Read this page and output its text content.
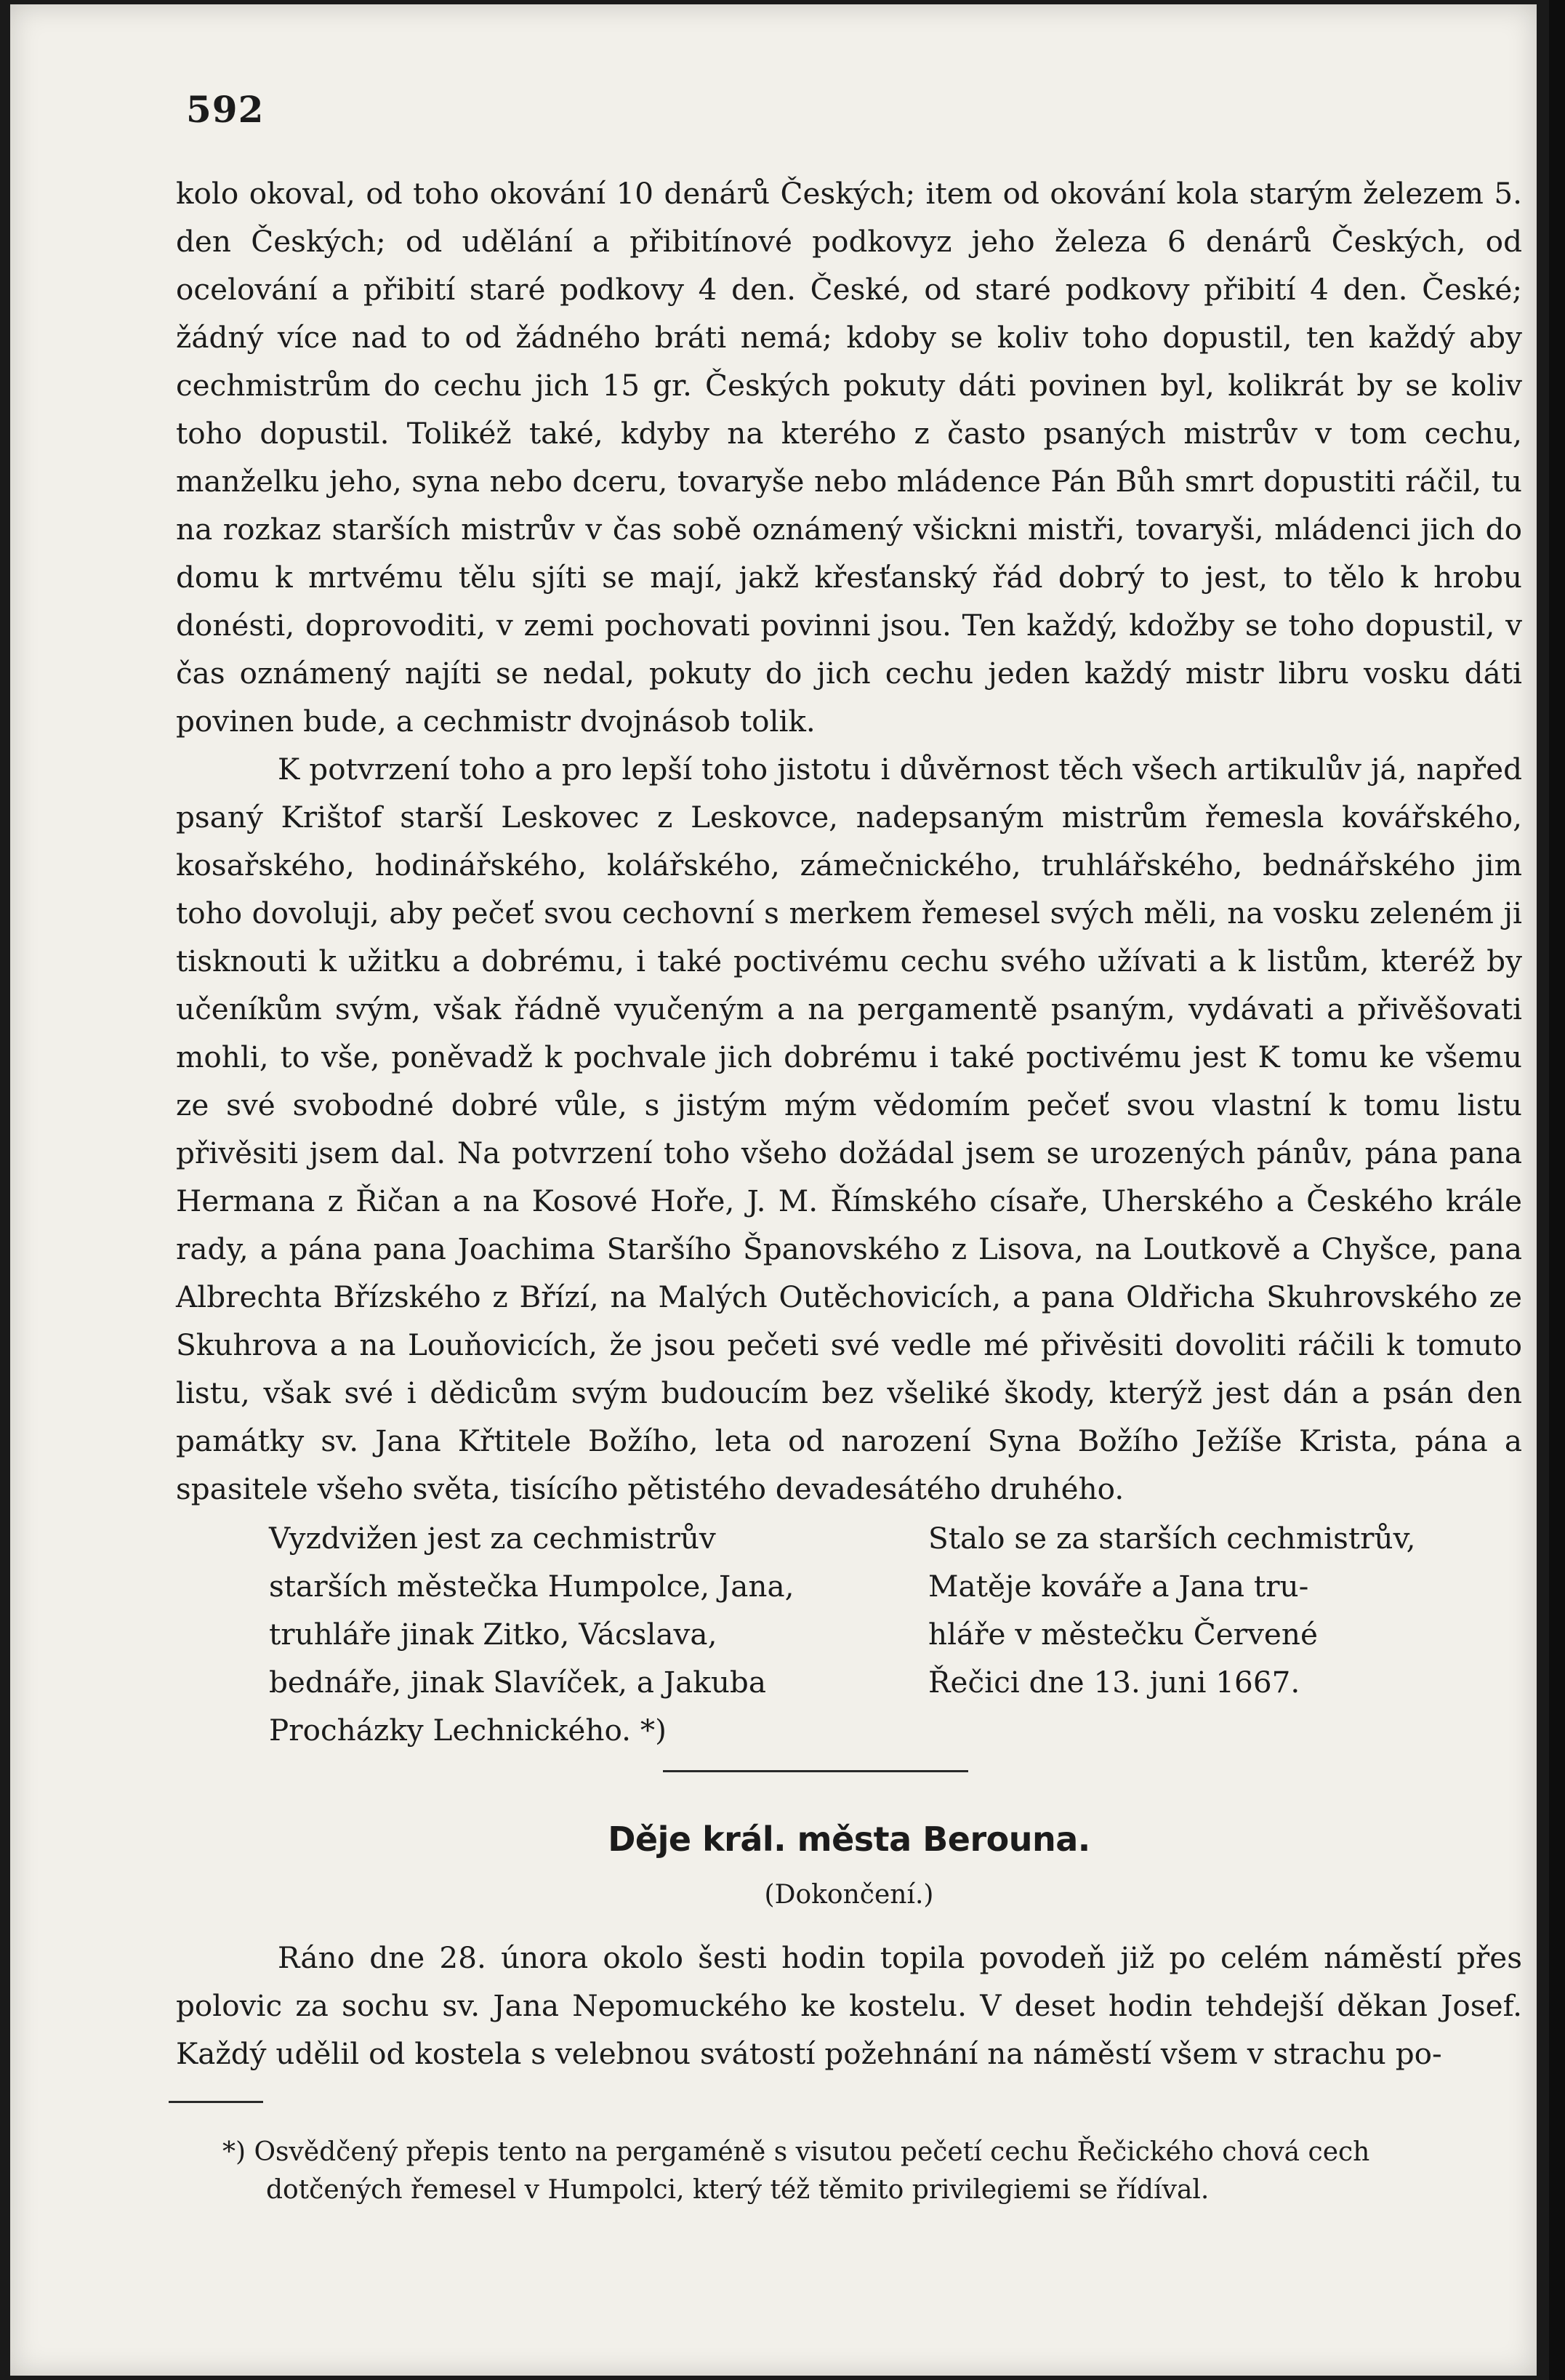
592

kolo okoval, od toho okování 10 denárů Českých; item od okování kola starým železem 5. den Českých; od udělání a přibitínové podkovyz jeho železa 6 denárů Českých, od ocelování a přibití staré podkovy 4 den. České, od staré podkovy přibití 4 den. České; žádný více nad to od žádného bráti nemá; kdoby se koliv toho dopustil, ten každý aby cechmistrům do cechu jich 15 gr. Českých pokuty dáti povinen byl, kolikrát by se koliv toho dopustil. Tolikéž také, kdyby na kterého z často psaných mistrův v tom cechu, manželku jeho, syna nebo dceru, tovaryše nebo mládence Pán Bůh smrt dopustiti ráčil, tu na rozkaz starších mistrův v čas sobě oznámený všickni mistři, tovaryši, mládenci jich do domu k mrtvému tělu sjíti se mají, jakž křesťanský řád dobrý to jest, to tělo k hrobu donésti, doprovoditi, v zemi pochovati povinni jsou. Ten každý, kdožby se toho dopustil, v čas oznámený najíti se nedal, pokuty do jich cechu jeden každý mistr libru vosku dáti povinen bude, a cechmistr dvojnásob tolik.

K potvrzení toho a pro lepší toho jistotu i důvěrnost těch všech artikulův já, napřed psaný Krištof starší Leskovec z Leskovce, nadepsaným mistrům řemesla kovářského, kosařského, hodinářského, kolářského, zámečnického, truhlářského, bednářského jim toho dovoluji, aby pečeť svou cechovní s merkem řemesel svých měli, na vosku zeleném ji tisknouti k užitku a dobrému, i také poctivému cechu svého užívati a k listům, kteréž by učeníkům svým, však řádně vyučeným a na pergamentě psaným, vydávati a přivěšovati mohli, to vše, poněvadž k pochvale jich dobrému i také poctivému jest K tomu ke všemu ze své svobodné dobré vůle, s jistým mým vědomím pečeť svou vlastní k tomu listu přivěsiti jsem dal. Na potvrzení toho všeho dožádal jsem se urozených pánův, pána pana Hermana z Řičan a na Kosové Hoře, J. M. Římského císaře, Uherského a Českého krále rady, a pána pana Joachima Staršího Španovského z Lisova, na Loutkově a Chyšce, pana Albrechta Břízského z Břízí, na Malých Outěchovicích, a pana Oldřicha Skuhrovského ze Skuhrova a na Louňovicích, že jsou pečeti své vedle mé přivěsiti dovoliti ráčili k tomuto listu, však své i dědicům svým budoucím bez všeliké škody, kterýž jest dán a psán den památky sv. Jana Křtitele Božího, leta od narození Syna Božího Ježíše Krista, pána a spasitele všeho světa, tisícího pětistého devadesátého druhého.

Vyzdvižen jest za cechmistrův
starších městečka Humpolce, Jana,
truhláře jinak Zitko, Vácslava,
bednáře, jinak Slavíček, a Jakuba
Procházky Lechnického. *)
Stalo se za starších cechmistrův,
Matěje kováře a Jana tru-
hláře v městečku Červené
Řečici dne 13. juni 1667.
Děje král. města Berouna.
(Dokončení.)

Ráno dne 28. února okolo šesti hodin topila povodeň již po celém náměstí přes polovic za sochu sv. Jana Nepomuckého ke kostelu. V deset hodin tehdejší děkan Josef. Každý udělil od kostela s velebnou svátostí požehnání na náměstí všem v strachu po-

*) Osvědčený přepis tento na pergaméně s visutou pečetí cechu Řečického chová cech dotčených řemesel v Humpolci, který též těmito privilegiemi se řídíval.
